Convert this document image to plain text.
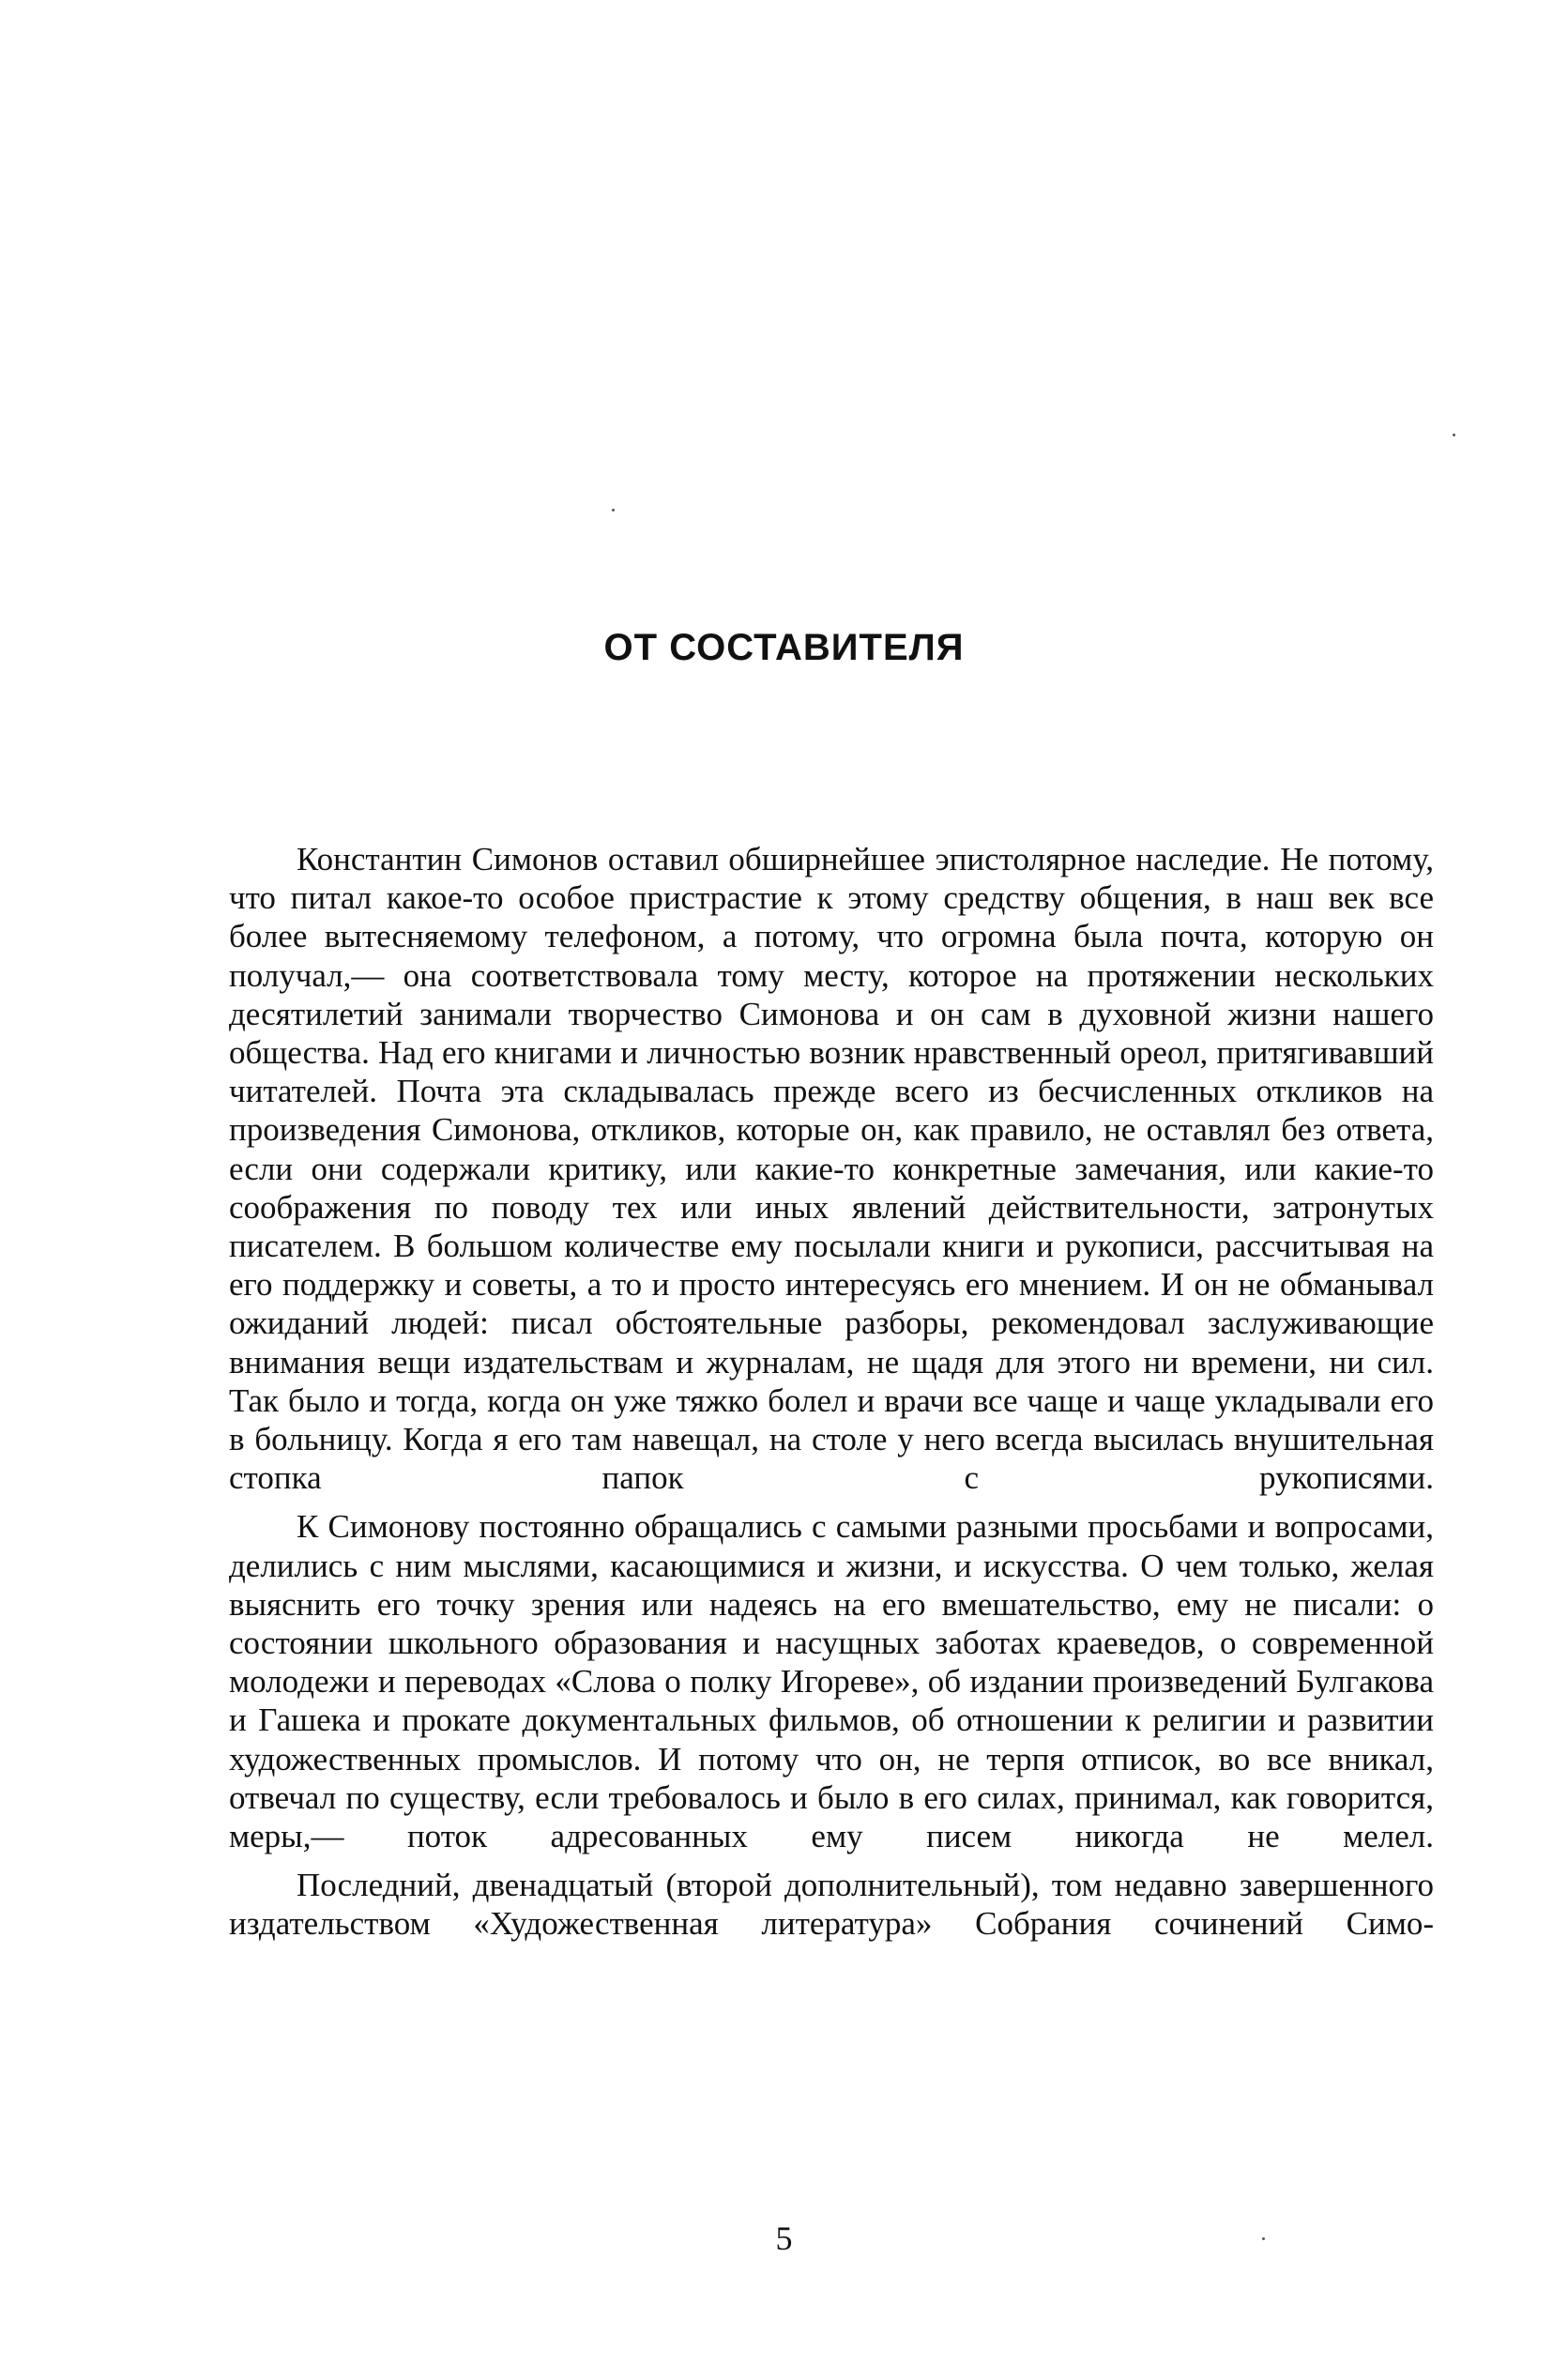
ОТ СОСТАВИТЕЛЯ

Константин Симонов оставил обширнейшее эпистолярное наследие. Не потому, что питал какое-то особое пристрастие к этому средству общения, в наш век все более вытесняемому телефоном, а потому, что огромна была почта, которую он получал,— она соответствовала тому месту, которое на протяжении нескольких десятилетий занимали творчество Симонова и он сам в духовной жизни нашего общества. Над его книгами и личностью возник нравственный ореол, притягивавший читателей. Почта эта складывалась прежде всего из бесчисленных откликов на произведения Симонова, откликов, которые он, как правило, не оставлял без ответа, если они содержали критику, или какие-то конкретные замечания, или какие-то соображения по поводу тех или иных явлений действительности, затронутых писателем. В большом количестве ему посылали книги и рукописи, рассчитывая на его поддержку и советы, а то и просто интересуясь его мнением. И он не обманывал ожиданий людей: писал обстоятельные разборы, рекомендовал заслуживающие внимания вещи издательствам и журналам, не щадя для этого ни времени, ни сил. Так было и тогда, когда он уже тяжко болел и врачи все чаще и чаще укладывали его в больницу. Когда я его там навещал, на столе у него всегда высилась внушительная стопка папок с рукописями.

К Симонову постоянно обращались с самыми разными просьбами и вопросами, делились с ним мыслями, касающимися и жизни, и искусства. О чем только, желая выяснить его точку зрения или надеясь на его вмешательство, ему не писали: о состоянии школьного образования и насущных заботах краеведов, о современной молодежи и переводах «Слова о полку Игореве», об издании произведений Булгакова и Гашека и прокате документальных фильмов, об отношении к религии и развитии художественных промыслов. И потому что он, не терпя отписок, во все вникал, отвечал по существу, если требовалось и было в его силах, принимал, как говорится, меры,— поток адресованных ему писем никогда не мелел.

Последний, двенадцатый (второй дополнительный), том недавно завершенного издательством «Художественная литература» Собрания сочинений Симо-

5
